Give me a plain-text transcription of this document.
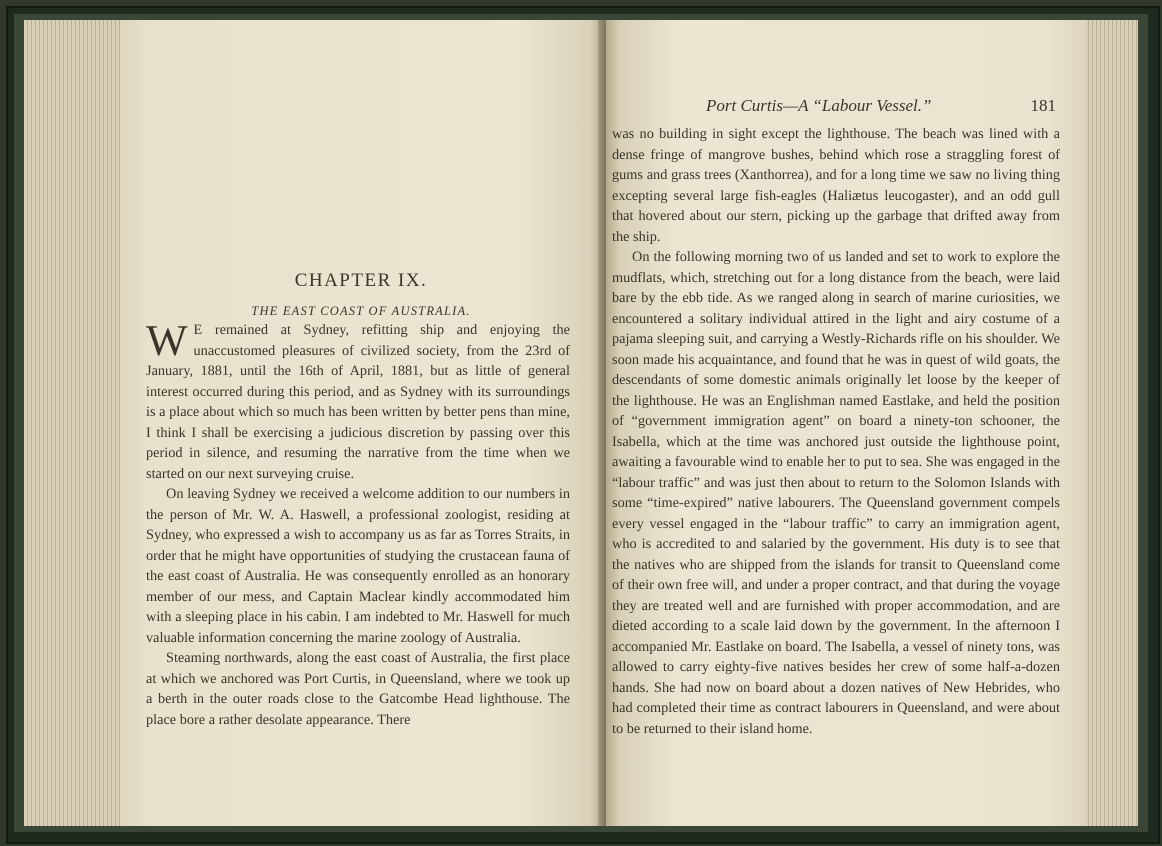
CHAPTER IX.
THE EAST COAST OF AUSTRALIA.

W E remained at Sydney, refitting ship and enjoying the unaccustomed pleasures of civilized society, from the 23rd of January, 1881, until the 16th of April, 1881, but as little of general interest occurred during this period, and as Sydney with its surroundings is a place about which so much has been written by better pens than mine, I think I shall be exercising a judicious discretion by passing over this period in silence, and resuming the narrative from the time when we started on our next surveying cruise.

On leaving Sydney we received a welcome addition to our numbers in the person of Mr. W. A. Haswell, a professional zoologist, residing at Sydney, who expressed a wish to accompany us as far as Torres Straits, in order that he might have opportunities of studying the crustacean fauna of the east coast of Australia. He was consequently enrolled as an honorary member of our mess, and Captain Maclear kindly accommodated him with a sleeping place in his cabin. I am indebted to Mr. Haswell for much valuable information concerning the marine zoology of Australia.

Steaming northwards, along the east coast of Australia, the first place at which we anchored was Port Curtis, in Queensland, where we took up a berth in the outer roads close to the Gatcombe Head lighthouse. The place bore a rather desolate appearance. There

Port Curtis—A “Labour Vessel.”	181

was no building in sight except the lighthouse. The beach was lined with a dense fringe of mangrove bushes, behind which rose a straggling forest of gums and grass trees (Xanthorrea), and for a long time we saw no living thing excepting several large fish-eagles (Haliætus leucogaster), and an odd gull that hovered about our stern, picking up the garbage that drifted away from the ship.

On the following morning two of us landed and set to work to explore the mudflats, which, stretching out for a long distance from the beach, were laid bare by the ebb tide. As we ranged along in search of marine curiosities, we encountered a solitary individual attired in the light and airy costume of a pajama sleeping suit, and carrying a Westly-Richards rifle on his shoulder. We soon made his acquaintance, and found that he was in quest of wild goats, the descendants of some domestic animals originally let loose by the keeper of the lighthouse. He was an Englishman named Eastlake, and held the position of “government immigration agent” on board a ninety-ton schooner, the Isabella, which at the time was anchored just outside the lighthouse point, awaiting a favourable wind to enable her to put to sea. She was engaged in the “labour traffic” and was just then about to return to the Solomon Islands with some “time-expired” native labourers. The Queensland government compels every vessel engaged in the “labour traffic” to carry an immigration agent, who is accredited to and salaried by the government. His duty is to see that the natives who are shipped from the islands for transit to Queensland come of their own free will, and under a proper contract, and that during the voyage they are treated well and are furnished with proper accommodation, and are dieted according to a scale laid down by the government. In the afternoon I accompanied Mr. Eastlake on board. The Isabella, a vessel of ninety tons, was allowed to carry eighty-five natives besides her crew of some half-a-dozen hands. She had now on board about a dozen natives of New Hebrides, who had completed their time as contract labourers in Queensland, and were about to be returned to their island home.
